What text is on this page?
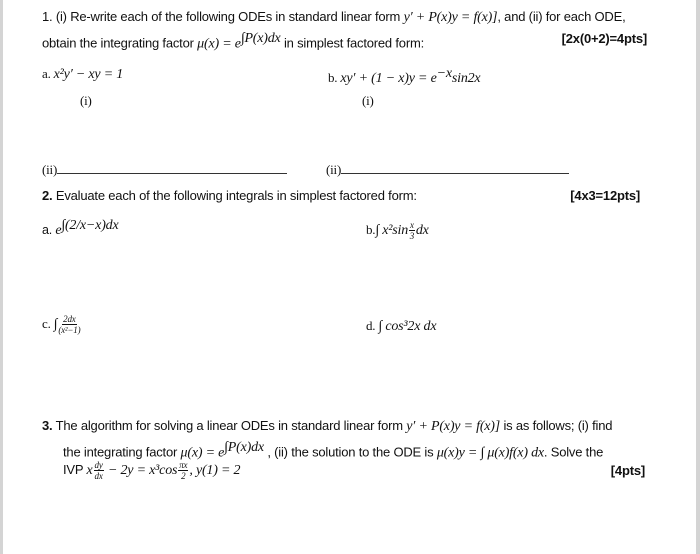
1. (i) Re-write each of the following ODEs in standard linear form y′ + P(x)y = f(x)], and (ii) for each ODE,
obtain the integrating factor $\mu(x) = e^{\int P(x)dx}$ in simplest factored form:	[2x(0+2)=4pts]
a. x²y′ − xy = 1	b. $xy' + (1 - x)y = e^{-x}\sin 2x$
(i)	(i)
(ii)	(ii)
2. Evaluate each of the following integrals in simplest factored form:	[4x3=12pts]
a. $e^{\int(2/x-x)dx}$	b.∫ $x^2\sin \frac{x}{3}$ dx
c. ∫ $\frac{2dx}{\text{(x²−1)}}$	d. ∫ cos³2x dx
3. The algorithm for solving a linear ODEs in standard linear form y′ + P(x)y = f(x)] is as follows; (i) find
the integrating factor $\mu(x) = e^{\int P(x)dx}$ , (ii) the solution to the ODE is μ(x)y = ∫ μ(x)f(x) dx. Solve the
IVP x $\frac{dy}{dx} - 2y = x^3\cos \frac{\pi x}{2}$ , y(1) = 2	[4pts]
